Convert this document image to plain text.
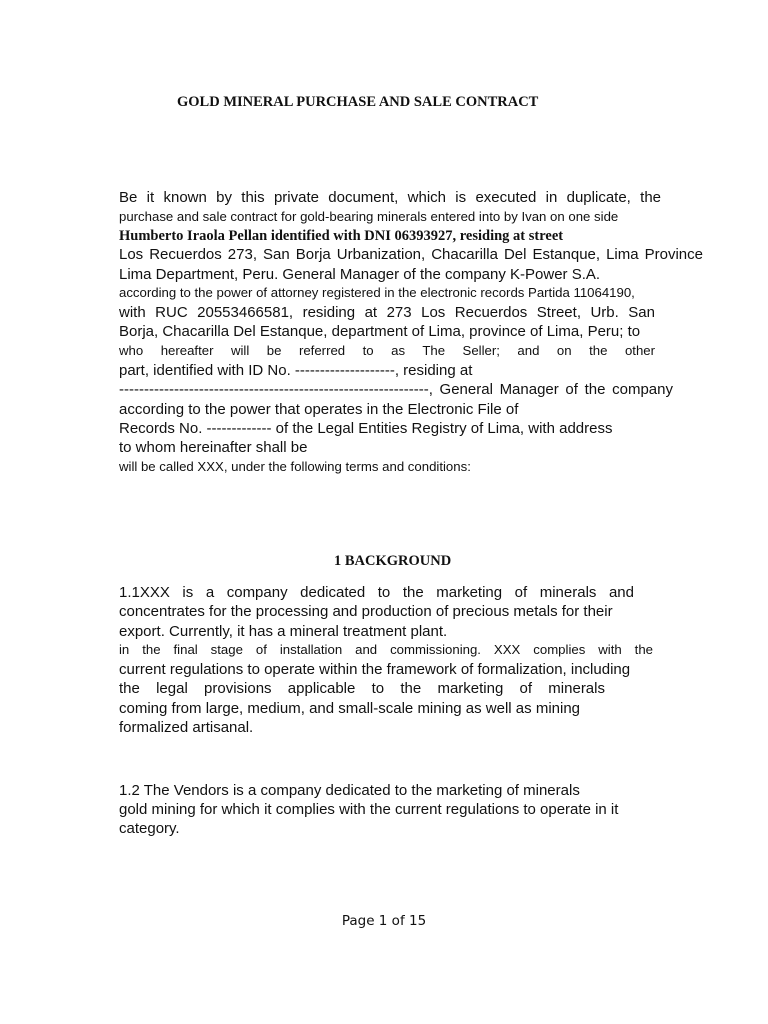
GOLD MINERAL PURCHASE AND SALE CONTRACT
Be it known by this private document, which is executed in duplicate, the
purchase and sale contract for gold-bearing minerals entered into by Ivan on one side
Humberto Iraola Pellan identified with DNI 06393927, residing at street
Los Recuerdos 273, San Borja Urbanization, Chacarilla Del Estanque, Lima Province
Lima Department, Peru. General Manager of the company K-Power S.A.
according to the power of attorney registered in the electronic records Partida 11064190,
with RUC 20553466581, residing at 273 Los Recuerdos Street, Urb. San
Borja, Chacarilla Del Estanque, department of Lima, province of Lima, Peru; to
who hereafter will be referred to as The Seller; and on the other
part, identified with ID No. --------------------, residing at
--------------------------------------------------------------, General Manager of the company
according to the power that operates in the Electronic File of
Records No. ------------- of the Legal Entities Registry of Lima, with address
to whom hereinafter shall be
will be called XXX, under the following terms and conditions:
1 BACKGROUND
1.1XXX is a company dedicated to the marketing of minerals and
concentrates for the processing and production of precious metals for their
export. Currently, it has a mineral treatment plant.
in the final stage of installation and commissioning. XXX complies with the
current regulations to operate within the framework of formalization, including
the legal provisions applicable to the marketing of minerals
coming from large, medium, and small-scale mining as well as mining
formalized artisanal.
1.2 The Vendors is a company dedicated to the marketing of minerals
gold mining for which it complies with the current regulations to operate in it
category.
Page 1 of 15
